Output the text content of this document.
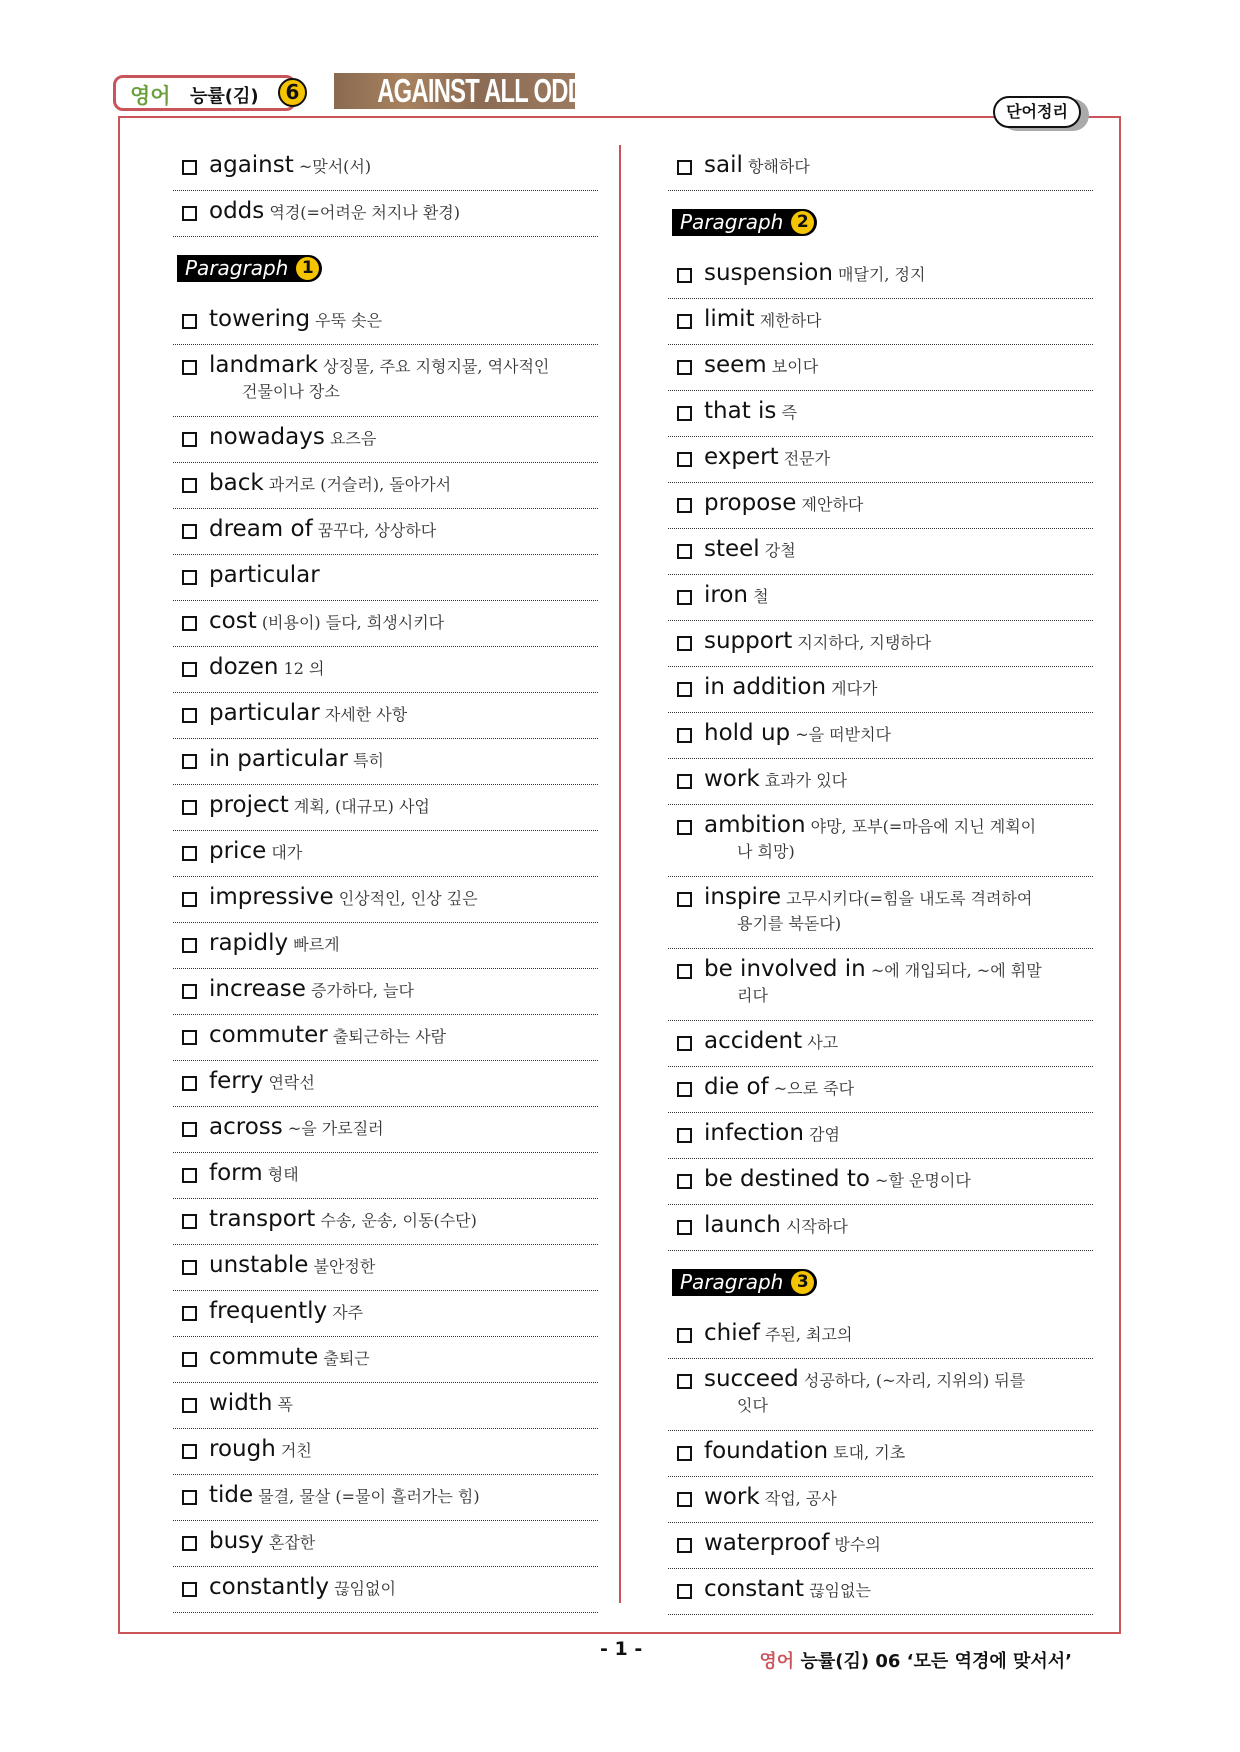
영어 능률(김)	6	AGAINST ALL ODDS
단어정리
against ~맞서(서)
odds 역경(=어려운 처지나 환경)
Paragraph 1
towering 우뚝 솟은
landmark 상징물, 주요 지형지물, 역사적인
건물이나 장소
nowadays 요즈음
back 과거로 (거슬러), 돌아가서
dream of 꿈꾸다, 상상하다
particular
cost (비용이) 들다, 희생시키다
dozen 12 의
particular 자세한 사항
in particular 특히
project 계획, (대규모) 사업
price 대가
impressive 인상적인, 인상 깊은
rapidly 빠르게
increase 증가하다, 늘다
commuter 출퇴근하는 사람
ferry 연락선
across ~을 가로질러
form 형태
transport 수송, 운송, 이동(수단)
unstable 불안정한
frequently 자주
commute 출퇴근
width 폭
rough 거친
tide 물결, 물살 (=물이 흘러가는 힘)
busy 혼잡한
constantly 끊임없이
sail 항해하다
Paragraph 2
suspension 매달기, 정지
limit 제한하다
seem 보이다
that is 즉
expert 전문가
propose 제안하다
steel 강철
iron 철
support 지지하다, 지탱하다
in addition 게다가
hold up ~을 떠받치다
work 효과가 있다
ambition 야망, 포부(=마음에 지닌 계획이
나 희망)
inspire 고무시키다(=힘을 내도록 격려하여
용기를 북돋다)
be involved in ~에 개입되다, ~에 휘말
리다
accident 사고
die of ~으로 죽다
infection 감염
be destined to ~할 운명이다
launch 시작하다
Paragraph 3
chief 주된, 최고의
succeed 성공하다, (~자리, 지위의) 뒤를
잇다
foundation 토대, 기초
work 작업, 공사
waterproof 방수의
constant 끊임없는
- 1 -
영어 능률(김) 06 ‘모든 역경에 맞서서’
